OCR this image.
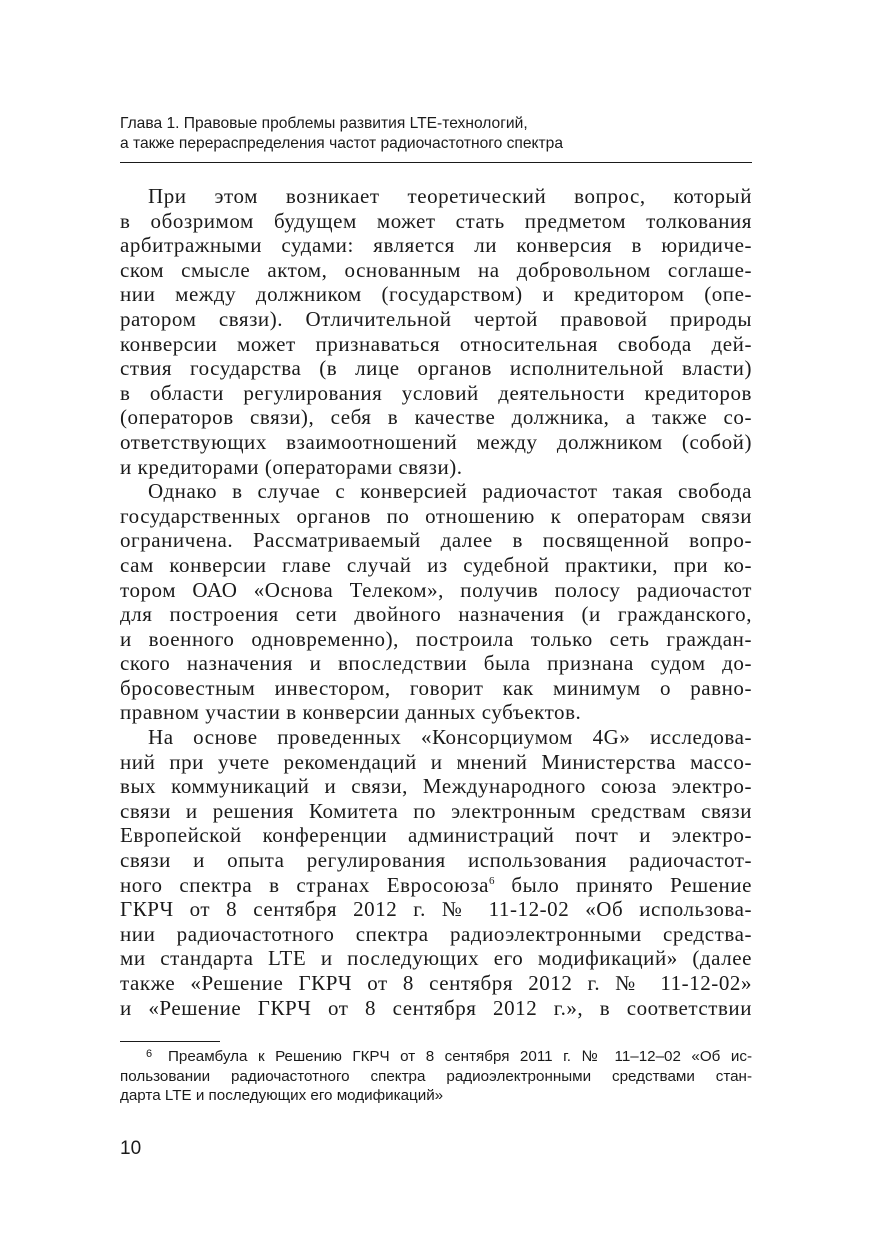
Глава 1. Правовые проблемы развития LTE-технологий,
а также перераспределения частот радиочастотного спектра

При этом возникает теоретический вопрос, который
в обозримом будущем может стать предметом толкования
арбитражными судами: является ли конверсия в юридиче-
ском смысле актом, основанным на добровольном соглаше-
нии между должником (государством) и кредитором (опе-
ратором связи). Отличительной чертой правовой природы
конверсии может признаваться относительная свобода дей-
ствия государства (в лице органов исполнительной власти)
в области регулирования условий деятельности кредиторов
(операторов связи), себя в качестве должника, а также со-
ответствующих взаимоотношений между должником (собой)
и кредиторами (операторами связи).

Однако в случае с конверсией радиочастот такая свобода
государственных органов по отношению к операторам связи
ограничена. Рассматриваемый далее в посвященной вопро-
сам конверсии главе случай из судебной практики, при ко-
тором ОАО «Основа Телеком», получив полосу радиочастот
для построения сети двойного назначения (и гражданского,
и военного одновременно), построила только сеть граждан-
ского назначения и впоследствии была признана судом до-
бросовестным инвестором, говорит как минимум о равно-
правном участии в конверсии данных субъектов.

На основе проведенных «Консорциумом 4G» исследова-
ний при учете рекомендаций и мнений Министерства массо-
вых коммуникаций и связи, Международного союза электро-
связи и решения Комитета по электронным средствам связи
Европейской конференции администраций почт и электро-
связи и опыта регулирования использования радиочастот-
ного спектра в странах Евросоюза$^6$ было принято Решение
ГКРЧ от 8 сентября 2012 г. № 11-12-02 «Об использова-
нии радиочастотного спектра радиоэлектронными средства-
ми стандарта LTE и последующих его модификаций» (далее
также «Решение ГКРЧ от 8 сентября 2012 г. № 11-12-02»
и «Решение ГКРЧ от 8 сентября 2012 г.», в соответствии

6 Преамбула к Решению ГКРЧ от 8 сентября 2011 г. № 11–12–02 «Об ис-
пользовании радиочастотного спектра радиоэлектронными средствами стан-
дарта LTE и последующих его модификаций»
10
